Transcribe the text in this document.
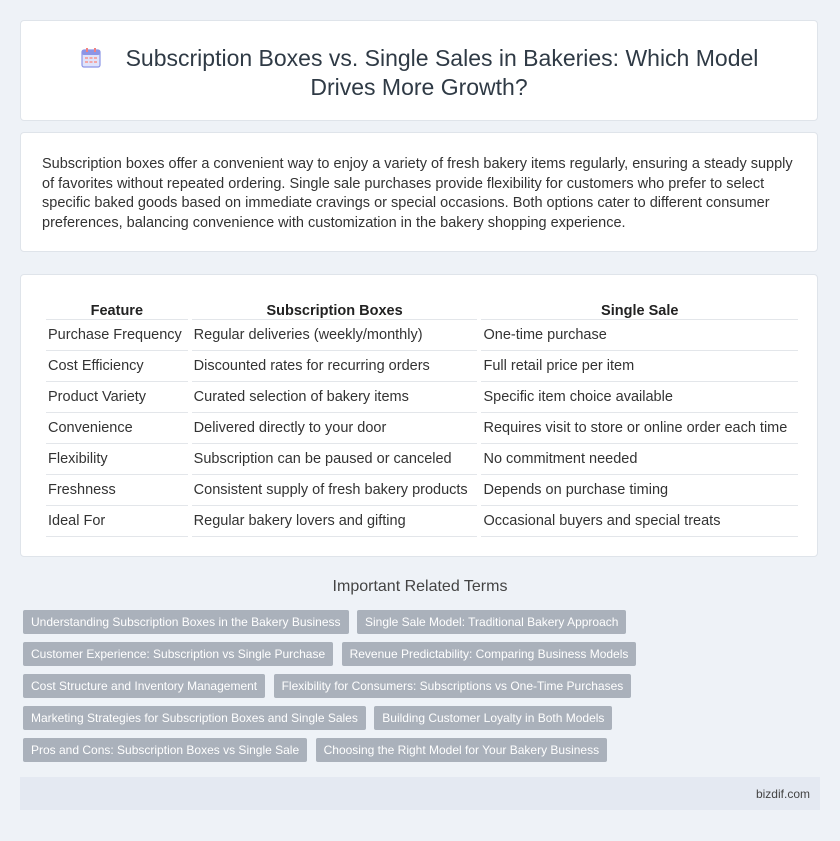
Subscription Boxes vs. Single Sales in Bakeries: Which Model
Drives More Growth?
Subscription boxes offer a convenient way to enjoy a variety of fresh bakery items regularly, ensuring a steady supply of favorites without repeated ordering. Single sale purchases provide flexibility for customers who prefer to select specific baked goods based on immediate cravings or special occasions. Both options cater to different consumer preferences, balancing convenience with customization in the bakery shopping experience.
Feature	Subscription Boxes	Single Sale
Purchase Frequency	Regular deliveries (weekly/monthly)	One-time purchase
Cost Efficiency	Discounted rates for recurring orders	Full retail price per item
Product Variety	Curated selection of bakery items	Specific item choice available
Convenience	Delivered directly to your door	Requires visit to store or online order each time
Flexibility	Subscription can be paused or canceled	No commitment needed
Freshness	Consistent supply of fresh bakery products	Depends on purchase timing
Ideal For	Regular bakery lovers and gifting	Occasional buyers and special treats
Important Related Terms
Understanding Subscription Boxes in the Bakery Business Single Sale Model: Traditional Bakery Approach
Customer Experience: Subscription vs Single Purchase Revenue Predictability: Comparing Business Models
Cost Structure and Inventory Management Flexibility for Consumers: Subscriptions vs One-Time Purchases
Marketing Strategies for Subscription Boxes and Single Sales Building Customer Loyalty in Both Models
Pros and Cons: Subscription Boxes vs Single Sale Choosing the Right Model for Your Bakery Business
bizdif.com
